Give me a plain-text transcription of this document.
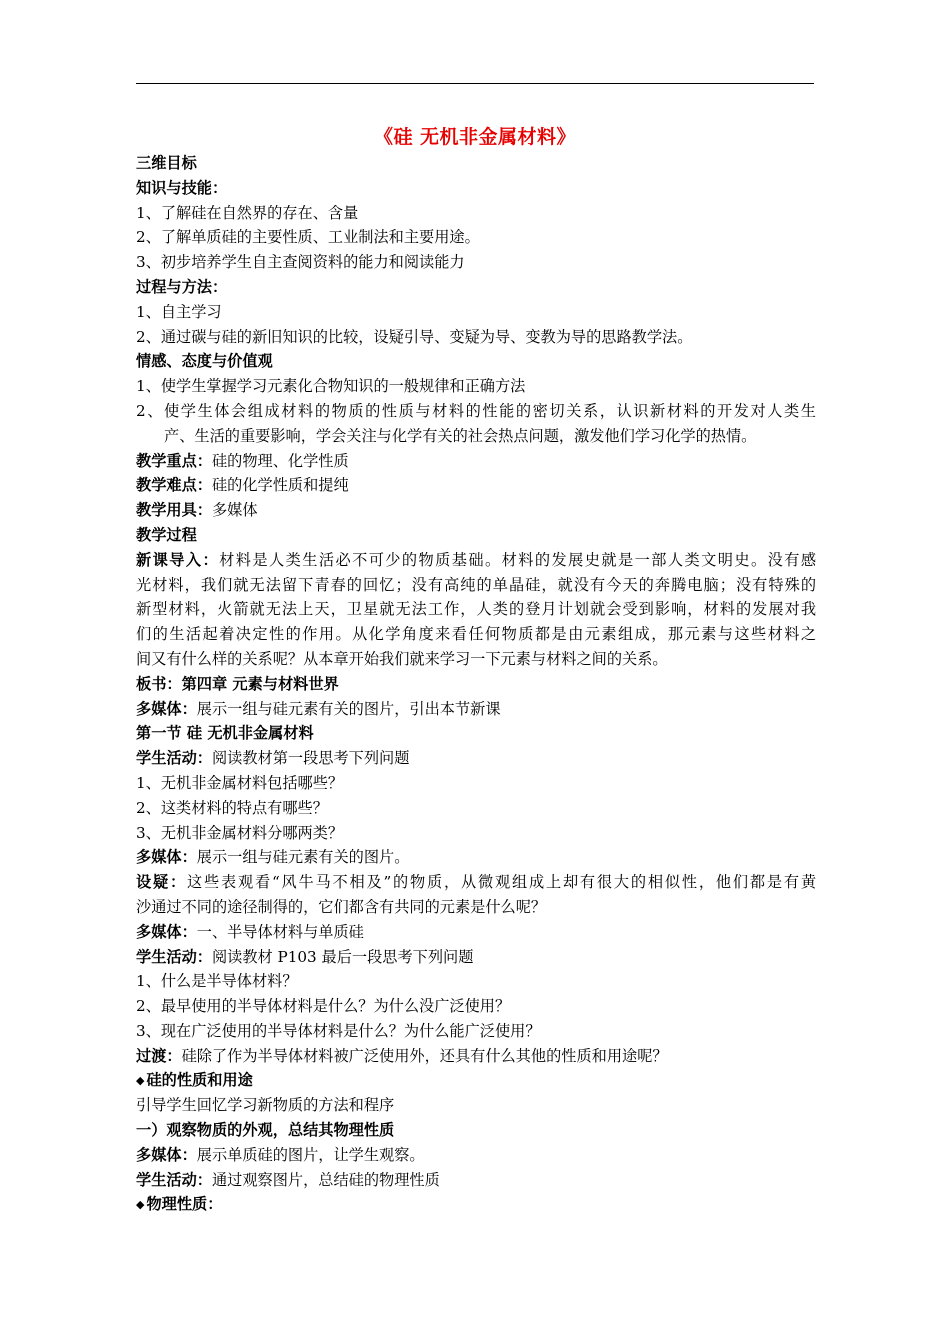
《硅 无机非金属材料》
三维目标
知识与技能：
1、了解硅在自然界的存在、含量
2、了解单质硅的主要性质、工业制法和主要用途。
3、初步培养学生自主查阅资料的能力和阅读能力
过程与方法：
1、自主学习
2、通过碳与硅的新旧知识的比较，设疑引导、变疑为导、变教为导的思路教学法。
情感、态度与价值观
1、使学生掌握学习元素化合物知识的一般规律和正确方法
2、使学生体会组成材料的物质的性质与材料的性能的密切关系，认识新材料的开发对人类生
产、生活的重要影响，学会关注与化学有关的社会热点问题，激发他们学习化学的热情。
教学重点：硅的物理、化学性质
教学难点：硅的化学性质和提纯
教学用具：多媒体
教学过程
新课导入：材料是人类生活必不可少的物质基础。材料的发展史就是一部人类文明史。没有感
光材料，我们就无法留下青春的回忆；没有高纯的单晶硅，就没有今天的奔腾电脑；没有特殊的
新型材料，火箭就无法上天，卫星就无法工作，人类的登月计划就会受到影响，材料的发展对我
们的生活起着决定性的作用。从化学角度来看任何物质都是由元素组成，那元素与这些材料之
间又有什么样的关系呢？从本章开始我们就来学习一下元素与材料之间的关系。
板书：第四章 元素与材料世界
多媒体：展示一组与硅元素有关的图片，引出本节新课
第一节 硅 无机非金属材料
学生活动：阅读教材第一段思考下列问题
1、无机非金属材料包括哪些？
2、这类材料的特点有哪些？
3、无机非金属材料分哪两类？
多媒体：展示一组与硅元素有关的图片。
设疑：这些表观看“风牛马不相及”的物质，从微观组成上却有很大的相似性，他们都是有黄
沙通过不同的途径制得的，它们都含有共同的元素是什么呢？
多媒体：一、半导体材料与单质硅
学生活动：阅读教材 P103 最后一段思考下列问题
1、什么是半导体材料？
2、最早使用的半导体材料是什么？为什么没广泛使用？
3、现在广泛使用的半导体材料是什么？为什么能广泛使用？
过渡：硅除了作为半导体材料被广泛使用外，还具有什么其他的性质和用途呢？
◆ 硅的性质和用途
引导学生回忆学习新物质的方法和程序
一）观察物质的外观，总结其物理性质
多媒体：展示单质硅的图片，让学生观察。
学生活动：通过观察图片，总结硅的物理性质
◆ 物理性质：
